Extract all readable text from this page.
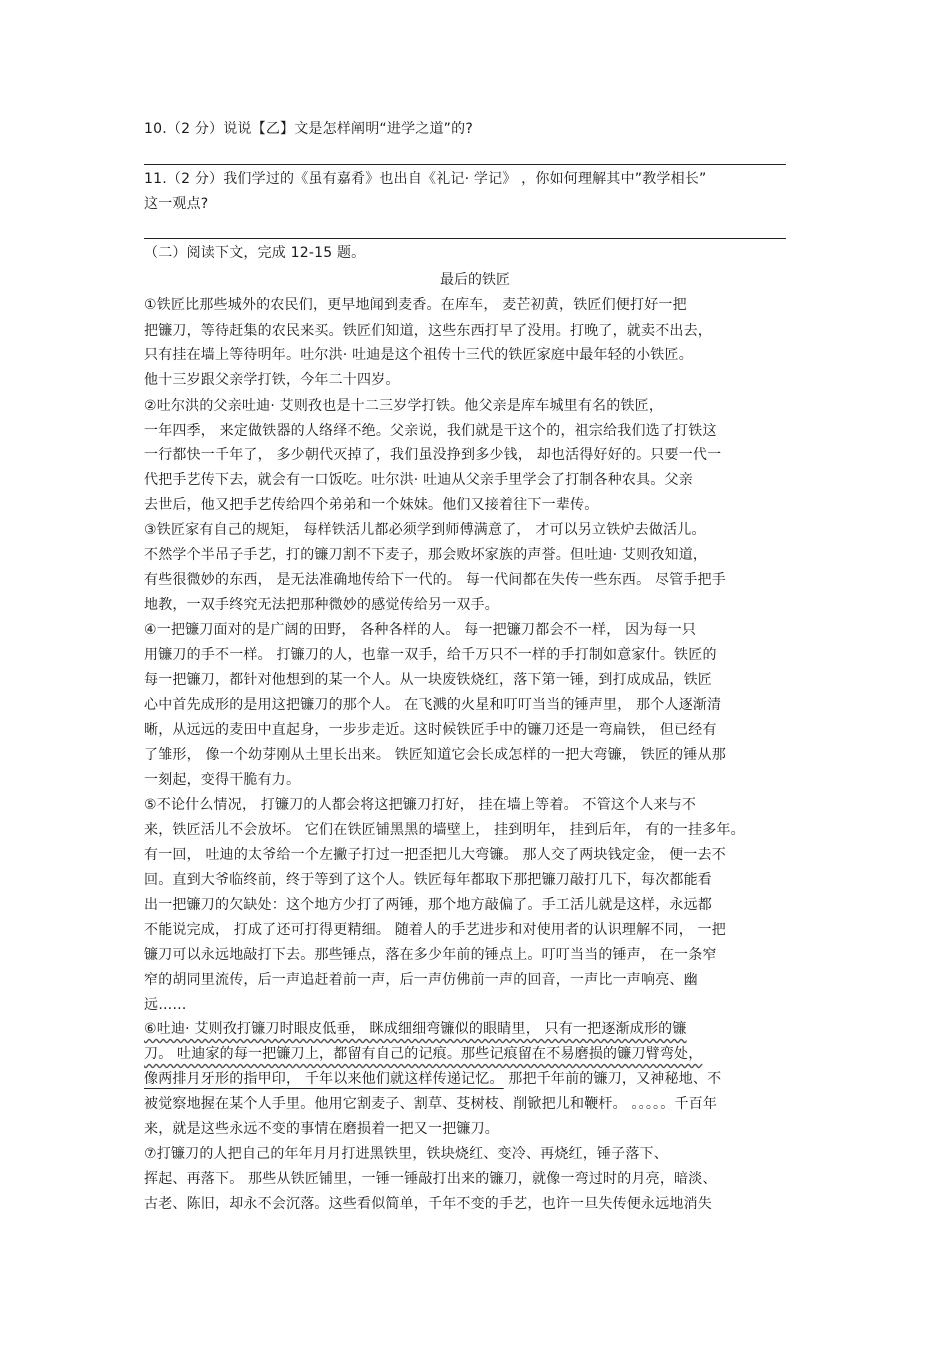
10.（2 分）说说【乙】文是怎样阐明“进学之道”的?
11.（2 分）我们学过的《虽有嘉肴》也出自《礼记· 学记》 ，你如何理解其中”教学相长”
这一观点?
（二）阅读下文，完成 12-15 题。
最后的铁匠
①铁匠比那些城外的农民们，更早地闻到麦香。在库车， 麦芒初黄，铁匠们便打好一把
把镰刀，等待赶集的农民来买。铁匠们知道，这些东西打早了没用。打晚了，就卖不出去，
只有挂在墙上等待明年。吐尔洪· 吐迪是这个祖传十三代的铁匠家庭中最年轻的小铁匠。
他十三岁跟父亲学打铁，今年二十四岁。
②吐尔洪的父亲吐迪· 艾则孜也是十二三岁学打铁。他父亲是库车城里有名的铁匠，
一年四季， 来定做铁器的人络绎不绝。父亲说，我们就是干这个的，祖宗给我们选了打铁这
一行都快一千年了， 多少朝代灭掉了，我们虽没挣到多少钱， 却也活得好好的。只要一代一
代把手艺传下去，就会有一口饭吃。吐尔洪· 吐迪从父亲手里学会了打制各种农具。父亲
去世后，他又把手艺传给四个弟弟和一个妹妹。他们又接着往下一辈传。
③铁匠家有自己的规矩， 每样铁活儿都必须学到师傅满意了， 才可以另立铁炉去做活儿。
不然学个半吊子手艺，打的镰刀割不下麦子，那会败坏家族的声誉。但吐迪· 艾则孜知道，
有些很微妙的东西， 是无法准确地传给下一代的。 每一代间都在失传一些东西。 尽管手把手
地教，一双手终究无法把那种微妙的感觉传给另一双手。
④一把镰刀面对的是广阔的田野， 各种各样的人。 每一把镰刀都会不一样， 因为每一只
用镰刀的手不一样。 打镰刀的人，也靠一双手，给千万只不一样的手打制如意家什。铁匠的
每一把镰刀，都针对他想到的某一个人。从一块废铁烧红，落下第一锤，到打成成品，铁匠
心中首先成形的是用这把镰刀的那个人。 在飞溅的火星和叮叮当当的锤声里， 那个人逐渐清
晰，从远远的麦田中直起身，一步步走近。这时候铁匠手中的镰刀还是一弯扁铁， 但已经有
了雏形， 像一个幼芽刚从土里长出来。 铁匠知道它会长成怎样的一把大弯镰， 铁匠的锤从那
一刻起，变得干脆有力。
⑤不论什么情况， 打镰刀的人都会将这把镰刀打好， 挂在墙上等着。 不管这个人来与不
来，铁匠活儿不会放坏。 它们在铁匠铺黑黑的墙壁上， 挂到明年， 挂到后年， 有的一挂多年。
有一回， 吐迪的太爷给一个左撇子打过一把歪把儿大弯镰。 那人交了两块钱定金， 便一去不
回。直到大爷临终前，终于等到了这个人。铁匠每年都取下那把镰刀敲打几下，每次都能看
出一把镰刀的欠缺处：这个地方少打了两锤，那个地方敲偏了。手工活儿就是这样，永远都
不能说完成， 打成了还可打得更精细。 随着人的手艺进步和对使用者的认识理解不同， 一把
镰刀可以永远地敲打下去。那些锤点，落在多少年前的锤点上。叮叮当当的锤声， 在一条窄
窄的胡同里流传，后一声追赶着前一声，后一声仿佛前一声的回音，一声比一声响亮、幽
远……
⑥吐迪· 艾则孜打镰刀时眼皮低垂， 眯成细细弯镰似的眼睛里， 只有一把逐渐成形的镰
刀。 吐迪家的每一把镰刀上，都留有自己的记痕。那些记痕留在不易磨损的镰刀臂弯处，
像两排月牙形的指甲印， 千年以来他们就这样传递记忆。 那把千年前的镰刀，又神秘地、不
被觉察地握在某个人手里。他用它割麦子、割草、芟树枝、削锨把儿和鞭杆。 。。。。。千百年
来，就是这些永远不变的事情在磨损着一把又一把镰刀。
⑦打镰刀的人把自己的年年月月打进黑铁里，铁块烧红、变冷、再烧红，锤子落下、
挥起、再落下。 那些从铁匠铺里，一锤一锤敲打出来的镰刀，就像一弯过时的月亮，暗淡、
古老、陈旧，却永不会沉落。这些看似简单，千年不变的手艺，也许一旦失传便永远地消失
